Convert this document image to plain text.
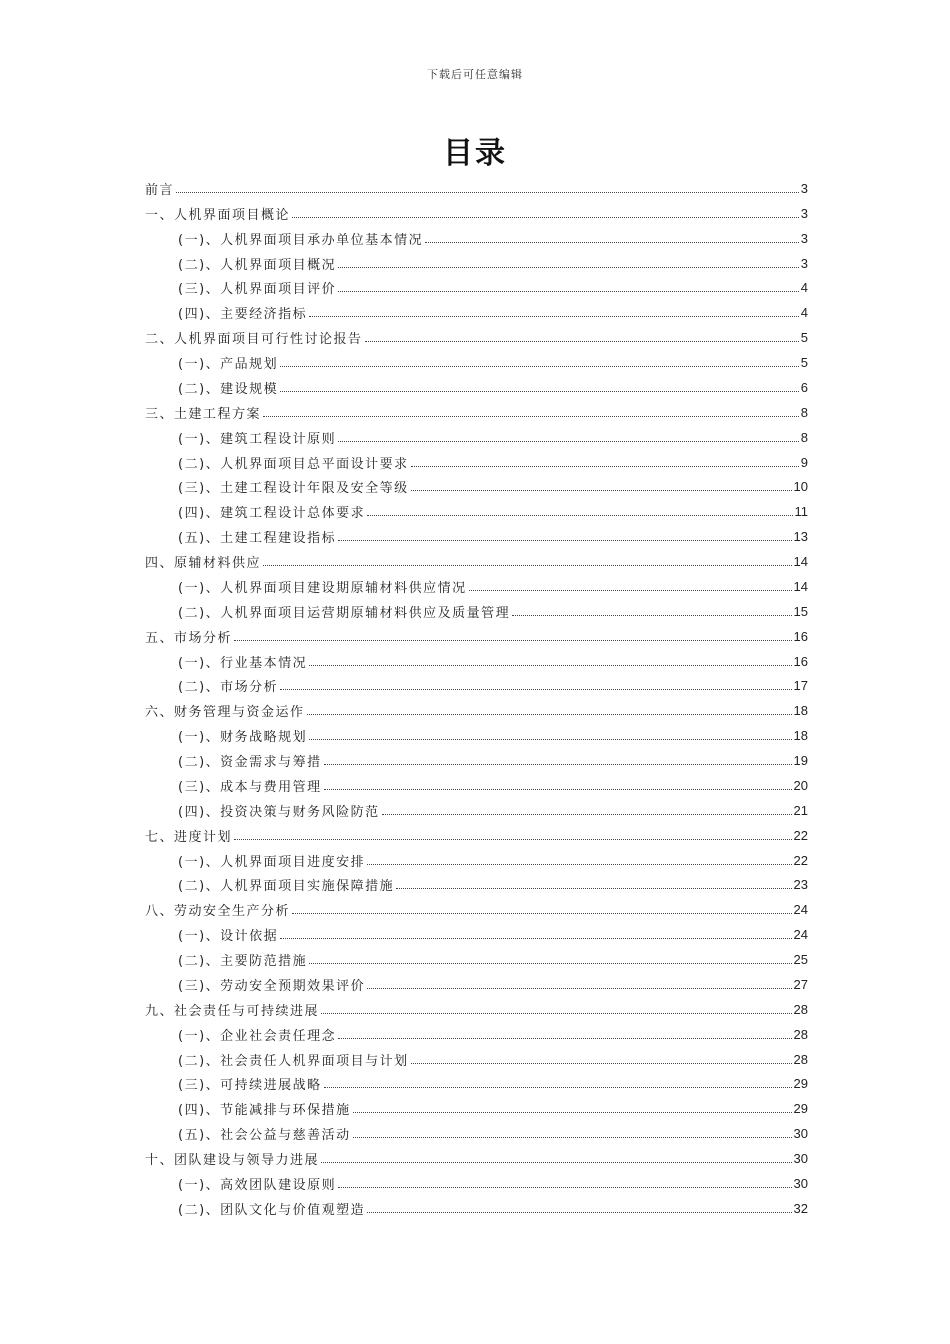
下载后可任意编辑
目录
前言	3
一、人机界面项目概论	3
(一)、人机界面项目承办单位基本情况	3
(二)、人机界面项目概况	3
(三)、人机界面项目评价	4
(四)、主要经济指标	4
二、人机界面项目可行性讨论报告	5
(一)、产品规划	5
(二)、建设规模	6
三、土建工程方案	8
(一)、建筑工程设计原则	8
(二)、人机界面项目总平面设计要求	9
(三)、土建工程设计年限及安全等级	10
(四)、建筑工程设计总体要求	11
(五)、土建工程建设指标	13
四、原辅材料供应	14
(一)、人机界面项目建设期原辅材料供应情况	14
(二)、人机界面项目运营期原辅材料供应及质量管理	15
五、市场分析	16
(一)、行业基本情况	16
(二)、市场分析	17
六、财务管理与资金运作	18
(一)、财务战略规划	18
(二)、资金需求与筹措	19
(三)、成本与费用管理	20
(四)、投资决策与财务风险防范	21
七、进度计划	22
(一)、人机界面项目进度安排	22
(二)、人机界面项目实施保障措施	23
八、劳动安全生产分析	24
(一)、设计依据	24
(二)、主要防范措施	25
(三)、劳动安全预期效果评价	27
九、社会责任与可持续进展	28
(一)、企业社会责任理念	28
(二)、社会责任人机界面项目与计划	28
(三)、可持续进展战略	29
(四)、节能减排与环保措施	29
(五)、社会公益与慈善活动	30
十、团队建设与领导力进展	30
(一)、高效团队建设原则	30
(二)、团队文化与价值观塑造	32
